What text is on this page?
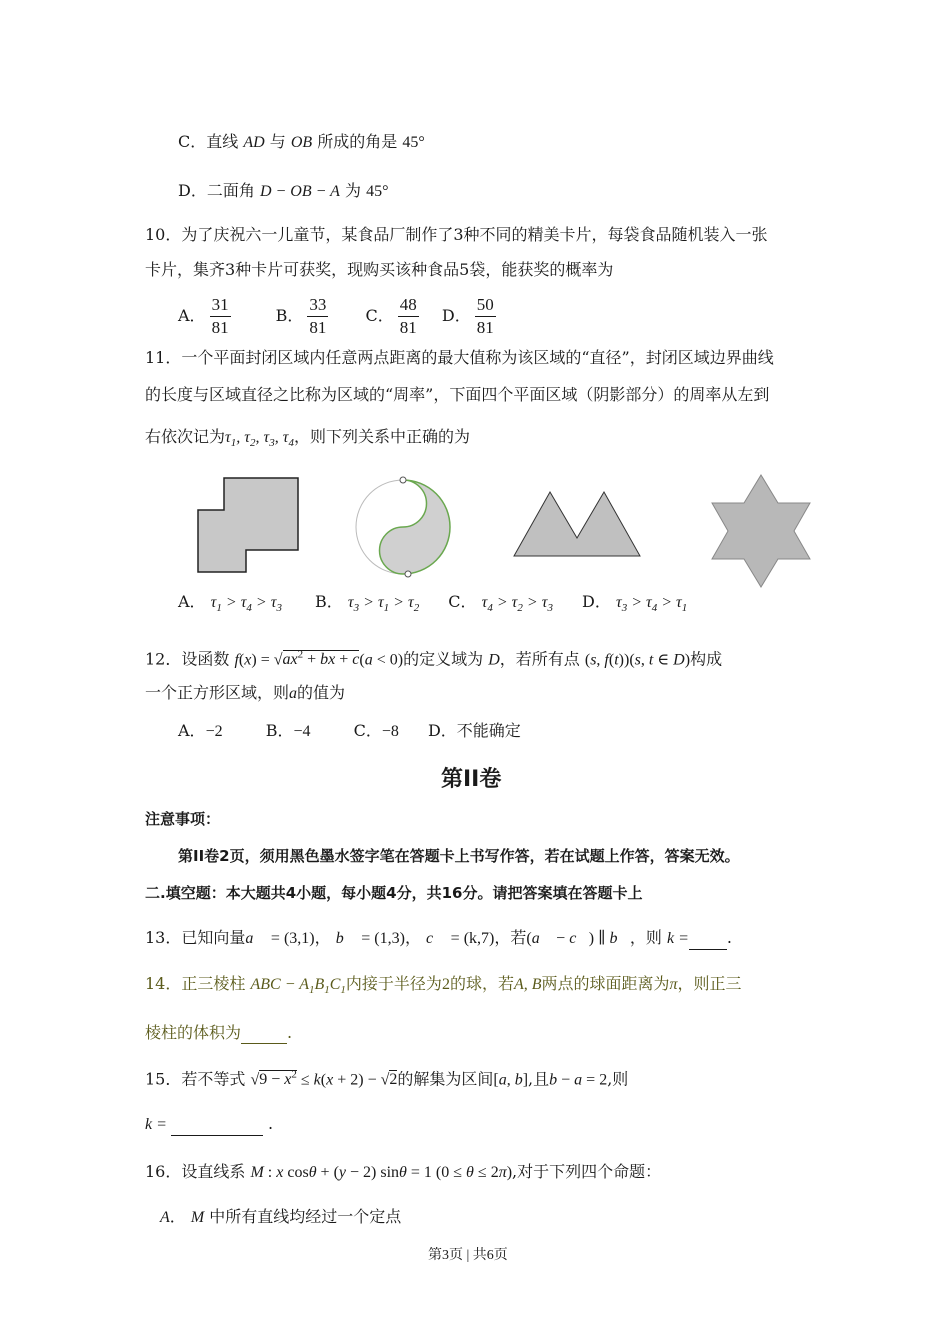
C．直线 AD 与 OB 所成的角是 45°
D．二面角 D − OB − A 为 45°
10．为了庆祝六一儿童节，某食品厂制作了3种不同的精美卡片，每袋食品随机装入一张
卡片，集齐3种卡片可获奖，现购买该种食品5袋，能获奖的概率为
A． $\frac{31}{81}$	B． $\frac{33}{81}$ C． $\frac{48}{81}$ D． $\frac{50}{81}$
11．一个平面封闭区域内任意两点距离的最大值称为该区域的“直径”，封闭区域边界曲线
的长度与区域直径之比称为区域的“周率”，下面四个平面区域（阴影部分）的周率从左到
右依次记为$\tau_1$, $\tau_2$, $\tau_3$, $\tau_4$，则下列关系中正确的为
A． $\tau_1 > \tau_4 > \tau_3$ B． $\tau_3 > \tau_1 > \tau_2$ C． $\tau_4 > \tau_2 > \tau_3$ D． $\tau_3 > \tau_4 > \tau_1$
12．设函数 $f(x) = √ax^2$ + bx + c(a < 0)的定义域为 D，若所有点 (s, f(t))(s, t ∈ D)构成
一个正方形区域，则a的值为
A．−2	B．−4	C．−8 D．不能确定
第II卷
注意事项：
第II卷2页，须用黑色墨水签字笔在答题卡上书写作答，若在试题上作答，答案无效。
二.填空题：本大题共4小题，每小题4分，共16分。请把答案填在答题卡上
13．已知向量a⃗ = (3,1)， b⃗ = (1,3)， c⃗ = (k,7)，若(a⃗ − c⃗) ∥ b⃗，则 k = .
14．正三棱柱 ABC − $A_1B_1C_1$内接于半径为2的球，若A, B两点的球面距离为π，则正三
棱柱的体积为	.
15．若不等式 $√9 - x^2 \le k(x + 2) - √2$的解集为区间[a, b],且b − a = 2,则
k =	.
16．设直线系 M : x cosθ + (y − 2) sinθ = 1 (0 ≤ θ ≤ 2π),对于下列四个命题：
A． M 中所有直线均经过一个定点
第3页 | 共6页
